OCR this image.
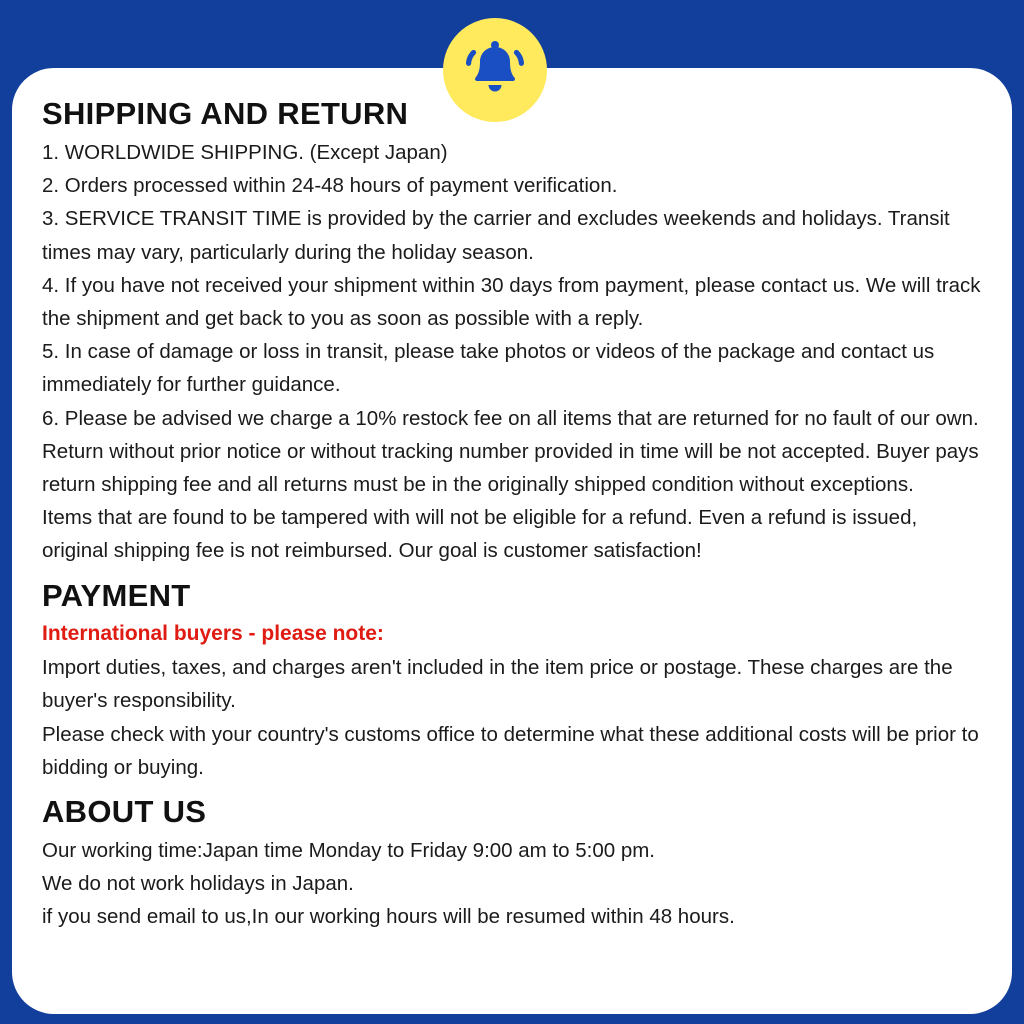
SHIPPING AND RETURN

1. WORLDWIDE SHIPPING. (Except Japan)

2. Orders processed within 24-48 hours of payment verification.

3. SERVICE TRANSIT TIME is provided by the carrier and excludes weekends and holidays. Transit times may vary, particularly during the holiday season.

4. If you have not received your shipment within 30 days from payment, please contact us. We will track the shipment and get back to you as soon as possible with a reply.

5. In case of damage or loss in transit, please take photos or videos of the package and contact us immediately for further guidance.

6. Please be advised we charge a 10% restock fee on all items that are returned for no fault of our own. Return without prior notice or without tracking number provided in time will be not accepted. Buyer pays return shipping fee and all returns must be in the originally shipped condition without exceptions.

Items that are found to be tampered with will not be eligible for a refund. Even a refund is issued, original shipping fee is not reimbursed. Our goal is customer satisfaction!

PAYMENT

International buyers - please note:

Import duties, taxes, and charges aren't included in the item price or postage. These charges are the buyer's responsibility.

Please check with your country's customs office to determine what these additional costs will be prior to bidding or buying.

ABOUT US

Our working time:Japan time Monday to Friday 9:00 am to 5:00 pm.

We do not work holidays in Japan.

if you send email to us,In our working hours will be resumed within 48 hours.
